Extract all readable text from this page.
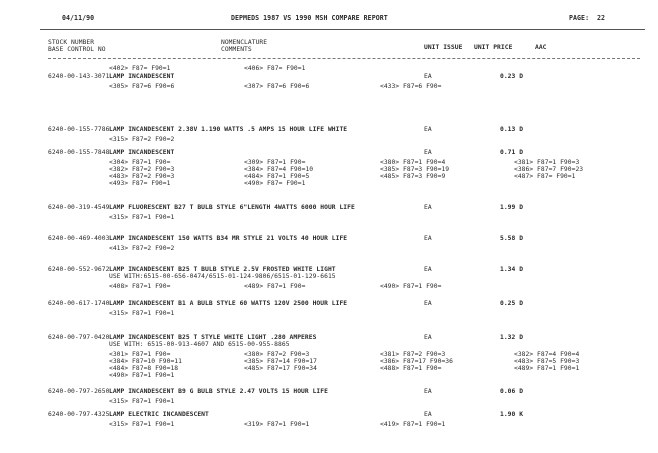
04/11/90	DEPMEDS 1987 VS 1990 MSH COMPARE REPORT	PAGE: 22
STOCK NUMBER
BASE CONTROL NO
NOMENCLATURE
COMMENTS	UNIT ISSUE UNIT PRICE	AAC
<402> F87= F90=1	<406> F87= F90=1
6240-00-143-3071 LAMP INCANDESCENT	EA	0.23 D
<305> F87=6 F90=6	<307> F87=6 F90=6	<433> F87=6 F90=
6240-00-155-7786 LAMP INCANDESCENT 2.38V 1.190 WATTS .5 AMPS 15 HOUR LIFE WHITE	EA	0.13 D
<315> F87=2 F90=2
6240-00-155-7848 LAMP INCANDESCENT	EA	0.71 D
<304> F87=1 F90=	<309> F87=1 F90=	<380> F87=1 F90=4	<381> F87=1 F90=3
<382> F87=2 F90=3	<384> F87=4 F90=10	<385> F87=3 F90=19	<386> F87=7 F90=23
<483> F87=2 F90=3	<484> F87=1 F90=5	<485> F87=3 F90=9	<487> F87= F90=1
<493> F87= F90=1	<490> F87= F90=1
6240-00-319-4549 LAMP FLUORESCENT B27 T BULB STYLE 6"LENGTH 4WATTS 6000 HOUR LIFE	EA	1.99 D
<315> F87=1 F90=1
6240-00-469-4003 LAMP INCANDESCENT 150 WATTS B34 MR STYLE 21 VOLTS 40 HOUR LIFE	EA	5.58 D
<413> F87=2 F90=2
6240-00-552-9672 LAMP INCANDESCENT B25 T BULB STYLE 2.5V FROSTED WHITE LIGHT	EA	1.34 D
USE WITH:6515-00-656-0474/6515-01-124-9806/6515-01-129-6615
<408> F87=1 F90=	<489> F87=1 F90=	<490> F87=1 F90=
6240-00-617-1740 LAMP INCANDESCENT B1 A BULB STYLE 60 WATTS 120V 2500 HOUR LIFE	EA	0.25 D
<315> F87=1 F90=1
6240-00-797-0420 LAMP INCANDESCENT B25 T STYLE WHITE LIGHT .280 AMPERES	EA	1.32 D
USE WITH: 6515-00-913-4607 AND 6515-00-955-8865
<301> F87=1 F90=	<380> F87=2 F90=3	<381> F87=2 F90=3	<382> F87=4 F90=4
<384> F87=10 F90=11	<385> F87=14 F90=17	<386> F87=17 F90=36	<483> F87=5 F90=3
<484> F87=8 F90=18	<485> F87=17 F90=34	<488> F87=1 F90=	<489> F87=1 F90=1
<490> F87=1 F90=1
6240-00-797-2650 LAMP INCANDESCENT B9 G BULB STYLE 2.47 VOLTS 15 HOUR LIFE	EA	0.06 D
<315> F87=1 F90=1
6240-00-797-4325 LAMP ELECTRIC INCANDESCENT	EA	1.90 K
<315> F87=1 F90=1	<319> F87=1 F90=1	<419> F87=1 F90=1
